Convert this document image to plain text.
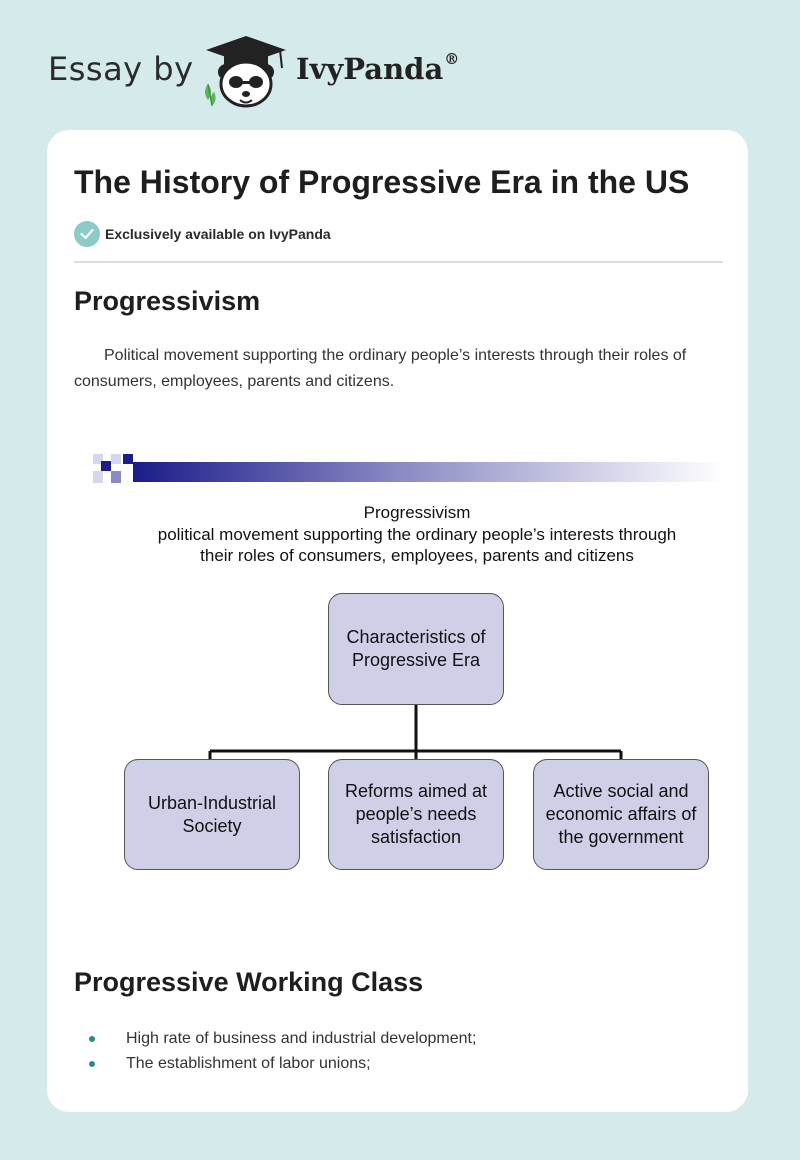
Essay by	IvyPanda®
The History of Progressive Era in the US
Exclusively available on IvyPanda
Progressivism

Political movement supporting the ordinary people’s interests through their roles of consumers, employees, parents and citizens.

Progressivism
political movement supporting the ordinary people’s interests through
their roles of consumers, employees, parents and citizens
Characteristics of Progressive Era
Urban-Industrial Society
Reforms aimed at people’s needs satisfaction
Active social and economic affairs of the government
Progressive Working Class
High rate of business and industrial development;
The establishment of labor unions;
